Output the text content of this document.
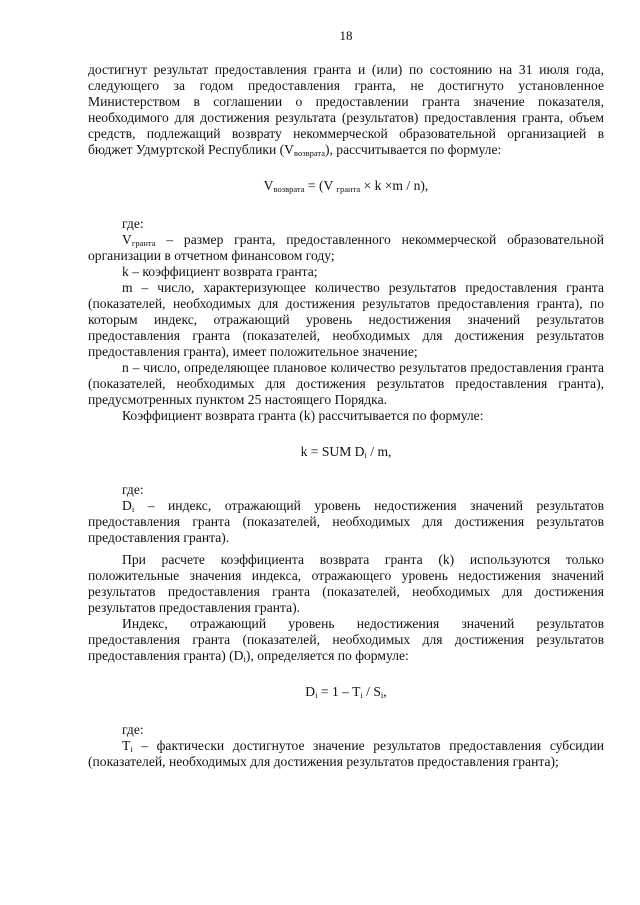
18

достигнут результат предоставления гранта и (или) по состоянию на 31 июля года, следующего за годом предоставления гранта, не достигнуто установленное Министерством в соглашении о предоставлении гранта значение показателя, необходимого для достижения результата (результатов) предоставления гранта, объем средств, подлежащий возврату некоммерческой образовательной организацией в бюджет Удмуртской Республики $(V_{возврата})$, рассчитывается по формуле:

$V_{возврата} = (V$ $_{гранта}$ × k ×m / n),

где:

$V_{гранта}$ – размер гранта, предоставленного некоммерческой образовательной организации в отчетном финансовом году;

k – коэффициент возврата гранта;

m – число, характеризующее количество результатов предоставления гранта (показателей, необходимых для достижения результатов предоставления гранта), по которым индекс, отражающий уровень недостижения значений результатов предоставления гранта (показателей, необходимых для достижения результатов предоставления гранта), имеет положительное значение;

n – число, определяющее плановое количество результатов предоставления гранта (показателей, необходимых для достижения результатов предоставления гранта), предусмотренных пунктом 25 настоящего Порядка.

Коэффициент возврата гранта (k) рассчитывается по формуле:

k = SUM $D_i$ / m,

где:

$D_i$ – индекс, отражающий уровень недостижения значений результатов предоставления гранта (показателей, необходимых для достижения результатов предоставления гранта).

При расчете коэффициента возврата гранта (k) используются только положительные значения индекса, отражающего уровень недостижения значений результатов предоставления гранта (показателей, необходимых для достижения результатов предоставления гранта).

Индекс, отражающий уровень недостижения значений результатов предоставления гранта (показателей, необходимых для достижения результатов предоставления гранта) $(D_i)$, определяется по формуле:

$D_i = 1 - T_i / S_i$,

где:

$T_i$ – фактически достигнутое значение результатов предоставления субсидии (показателей, необходимых для достижения результатов предоставления гранта);
